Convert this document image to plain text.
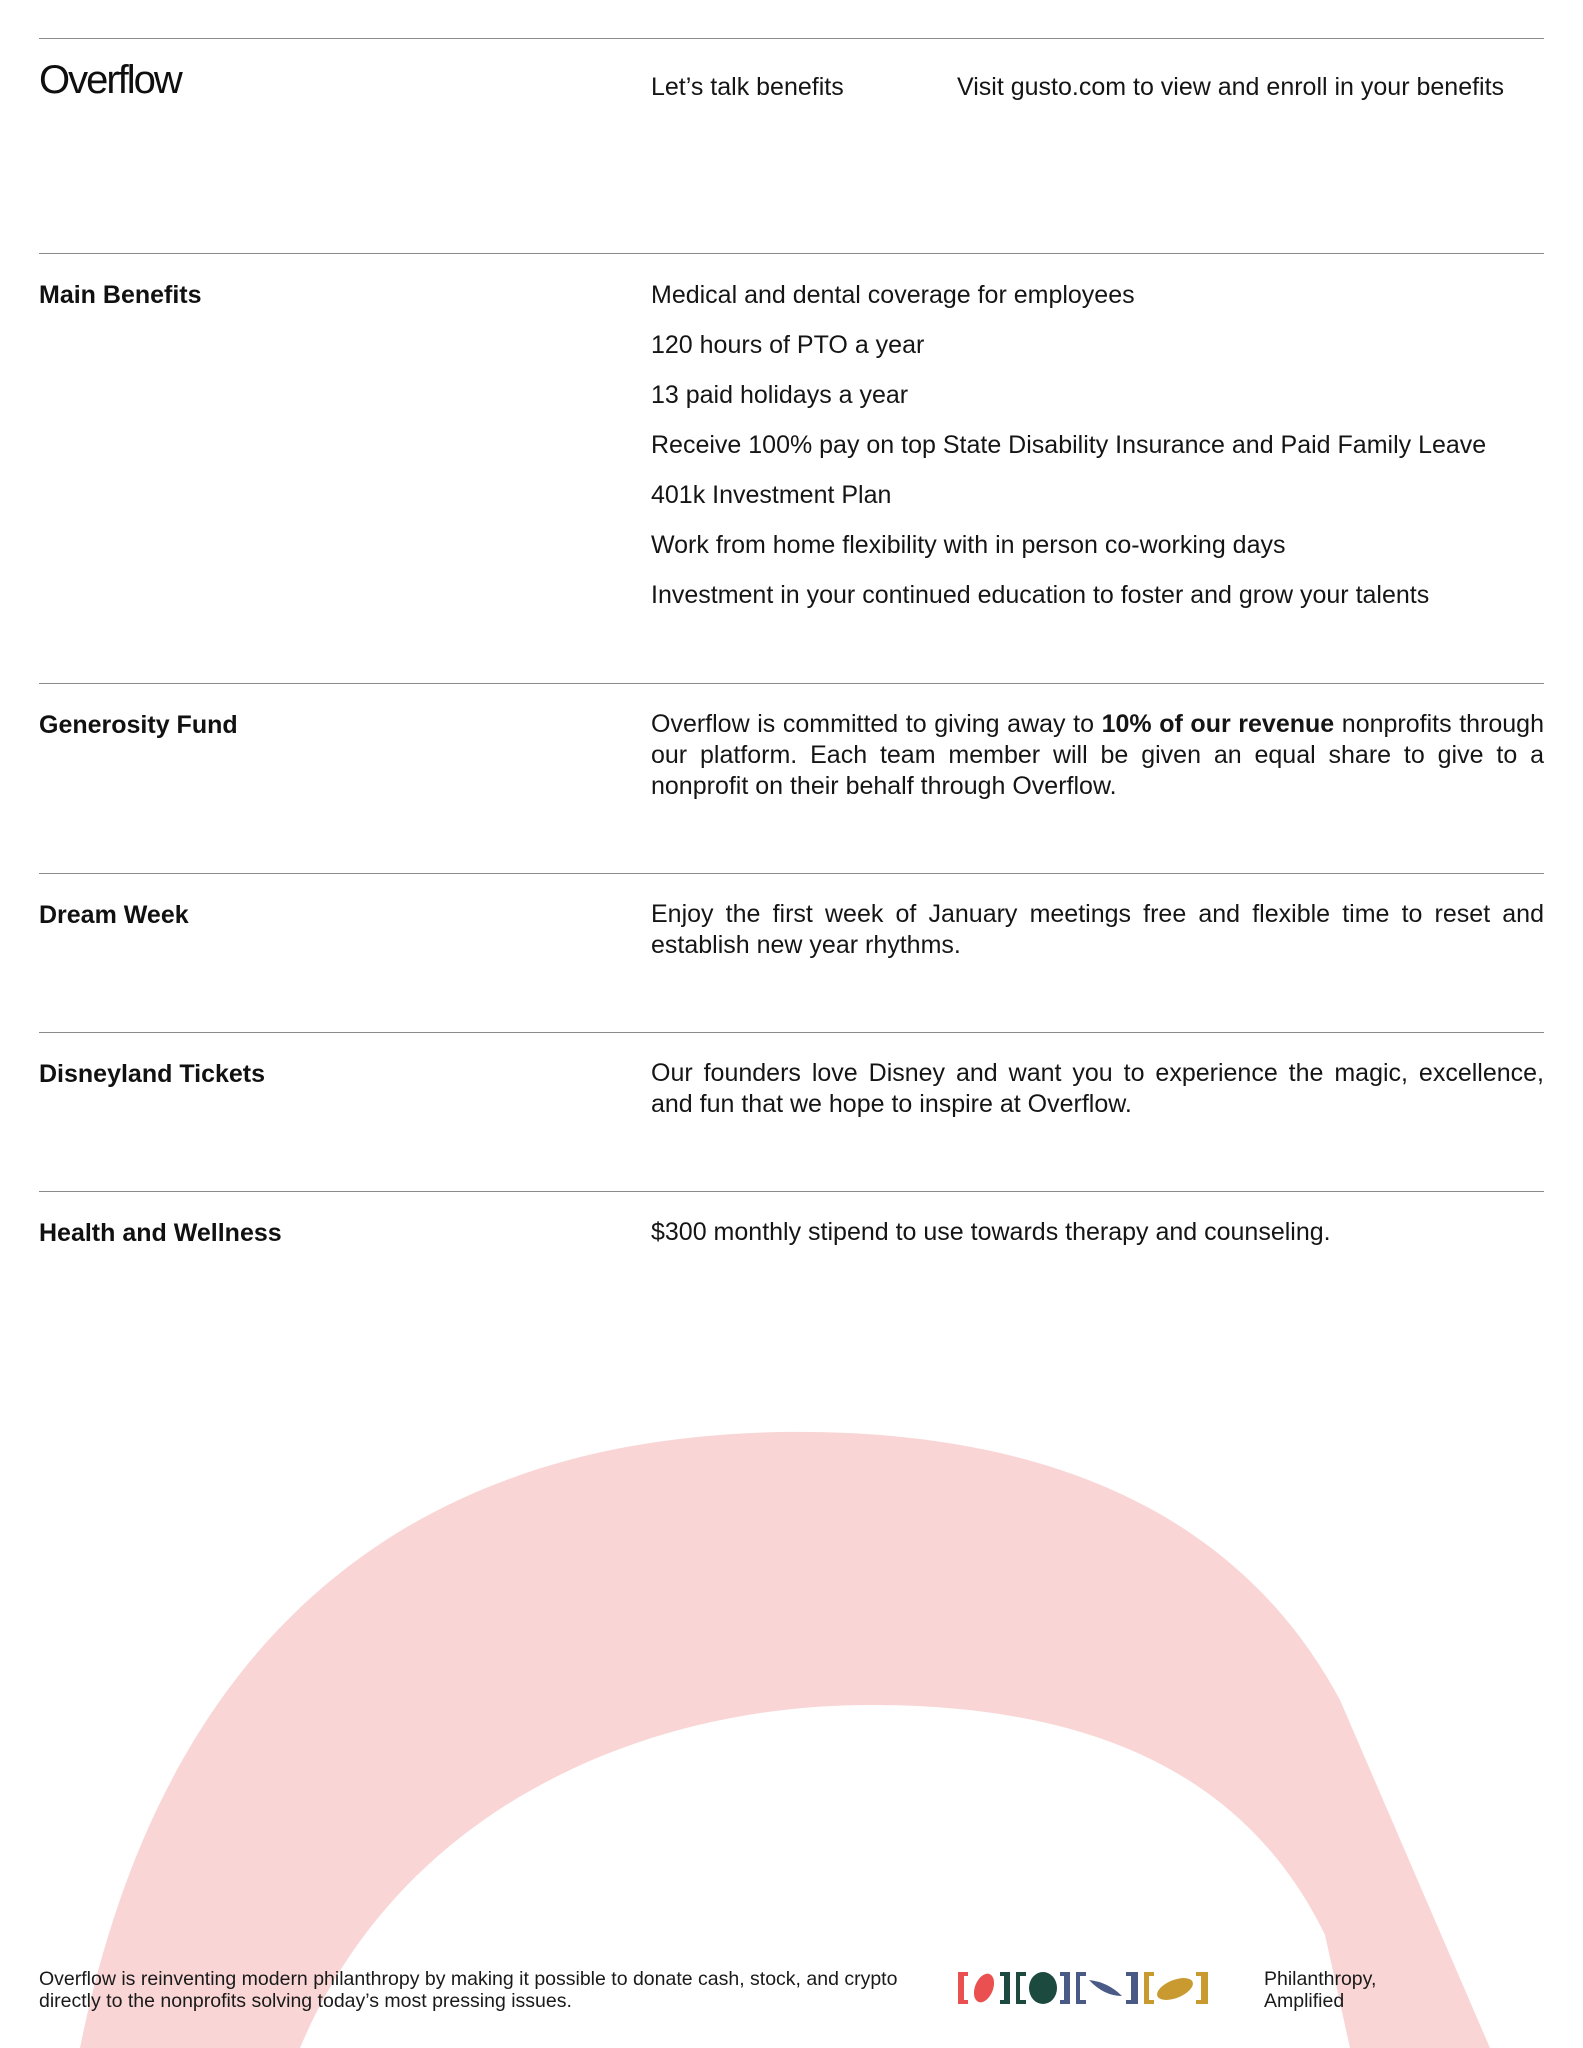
Overflow	Let’s talk benefits	Visit gusto.com to view and enroll in your benefits
Main Benefits	Medical and dental coverage for employees
120 hours of PTO a year
13 paid holidays a year
Receive 100% pay on top State Disability Insurance and Paid Family Leave
401k Investment Plan
Work from home flexibility with in person co-working days
Investment in your continued education to foster and grow your talents
Generosity Fund	Overflow is committed to giving away to 10% of our revenue nonprofits through our platform. Each team member will be given an equal share to give to a nonprofit on their behalf through Overflow.

Dream Week	Enjoy the first week of January meetings free and flexible time to reset and establish new year rhythms.

Disneyland Tickets	Our founders love Disney and want you to experience the magic, excellence, and fun that we hope to inspire at Overflow.

Health and Wellness	$300 monthly stipend to use towards therapy and counseling.

Overflow is reinventing modern philanthropy by making it possible to donate cash, stock, and crypto directly to the nonprofits solving today’s most pressing issues.
Philanthropy,
Amplified
